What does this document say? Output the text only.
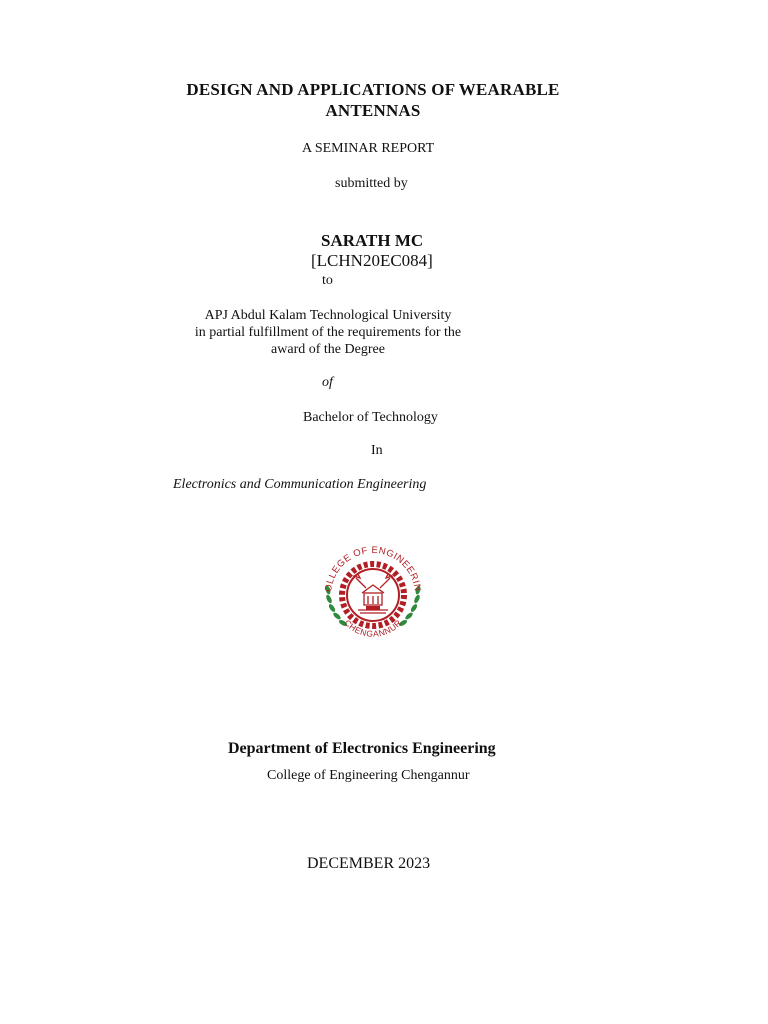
DESIGN AND APPLICATIONS OF WEARABLE
ANTENNAS
A SEMINAR REPORT
submitted by
SARATH MC
[LCHN20EC084]
to
APJ Abdul Kalam Technological University
in partial fulfillment of the requirements for the
award of the Degree
of
Bachelor of Technology
In
Electronics and Communication Engineering
OLLEGE OF ENGINEERIN
CHENGANNUR
Department of Electronics Engineering
College of Engineering Chengannur
DECEMBER 2023
